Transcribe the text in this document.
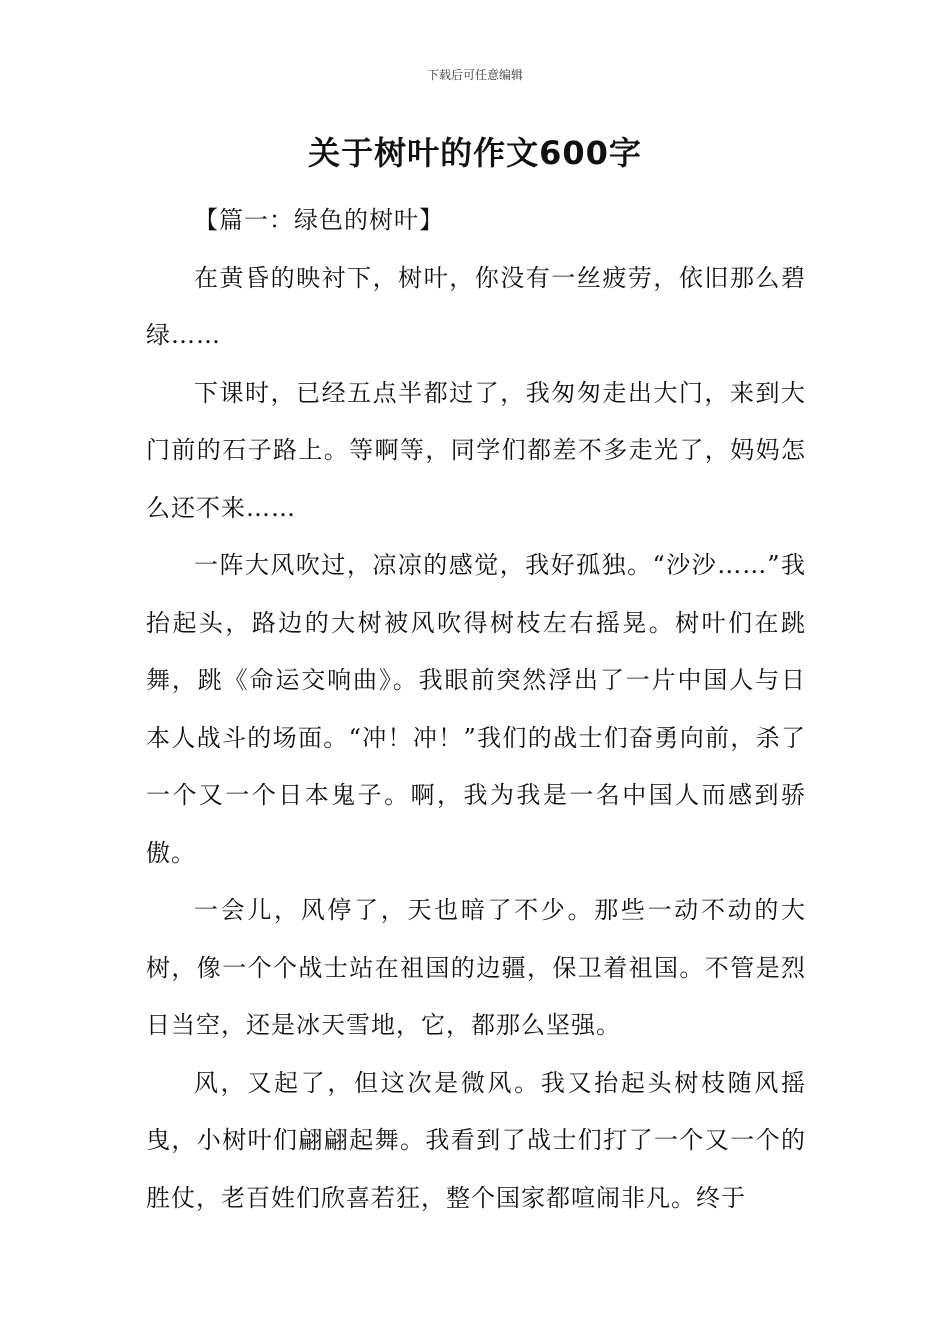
下载后可任意编辑
关于树叶的作文600字

【篇一：绿色的树叶】

在黄昏的映衬下，树叶，你没有一丝疲劳，依旧那么碧绿……

下课时，已经五点半都过了，我匆匆走出大门，来到大门前的石子路上。等啊等，同学们都差不多走光了，妈妈怎么还不来……

一阵大风吹过，凉凉的感觉，我好孤独。“沙沙……”我抬起头，路边的大树被风吹得树枝左右摇晃。树叶们在跳舞，跳《命运交响曲》。我眼前突然浮出了一片中国人与日本人战斗的场面。“冲！冲！”我们的战士们奋勇向前，杀了一个又一个日本鬼子。啊，我为我是一名中国人而感到骄傲。

一会儿，风停了，天也暗了不少。那些一动不动的大树，像一个个战士站在祖国的边疆，保卫着祖国。不管是烈日当空，还是冰天雪地，它，都那么坚强。

风，又起了，但这次是微风。我又抬起头树枝随风摇曳，小树叶们翩翩起舞。我看到了战士们打了一个又一个的胜仗，老百姓们欣喜若狂，整个国家都喧闹非凡。终于
